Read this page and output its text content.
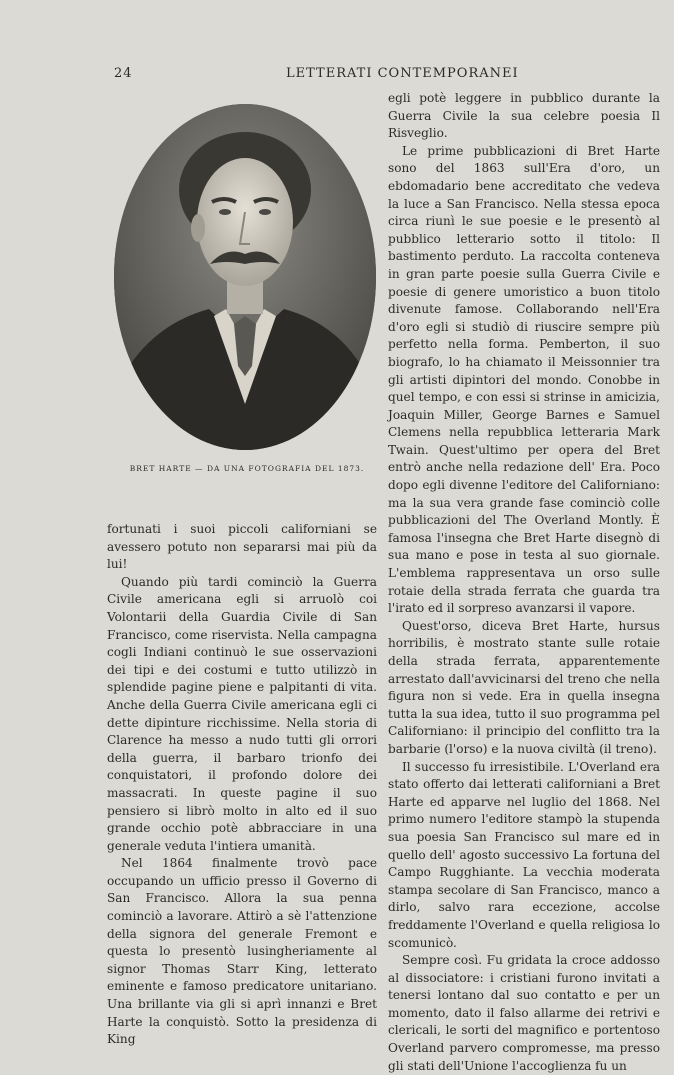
24	LETTERATI CONTEMPORANEI
BRET HARTE — DA UNA FOTOGRAFIA DEL 1873.

fortunati i suoi piccoli californiani se avessero potuto non separarsi mai più da lui!

Quando più tardi cominciò la Guerra Civile americana egli si arruolò coi Volontarii della Guardia Civile di San Francisco, come riservista. Nella campagna cogli Indiani continuò le sue osservazioni dei tipi e dei costumi e tutto utilizzò in splendide pagine piene e palpitanti di vita. Anche della Guerra Civile americana egli ci dette dipinture ricchissime. Nella storia di Clarence ha messo a nudo tutti gli orrori della guerra, il barbaro trionfo dei conquistatori, il profondo dolore dei massacrati. In queste pagine il suo pensiero si librò molto in alto ed il suo grande occhio potè abbracciare in una generale veduta l'intiera umanità.

Nel 1864 finalmente trovò pace occupando un ufficio presso il Governo di San Francisco. Allora la sua penna cominciò a lavorare. Attirò a sè l'attenzione della signora del generale Fremont e questa lo presentò lusingheriamente al signor Thomas Starr King, letterato eminente e famoso predicatore unitariano. Una brillante via gli si aprì innanzi e Bret Harte la conquistò. Sotto la presidenza di King

egli potè leggere in pubblico durante la Guerra Civile la sua celebre poesia Il Risveglio.

Le prime pubblicazioni di Bret Harte sono del 1863 sull'Era d'oro, un ebdomadario bene accreditato che vedeva la luce a San Francisco. Nella stessa epoca circa riunì le sue poesie e le presentò al pubblico letterario sotto il titolo: Il bastimento perduto. La raccolta conteneva in gran parte poesie sulla Guerra Civile e poesie di genere umoristico a buon titolo divenute famose. Collaborando nell'Era d'oro egli si studiò di riuscire sempre più perfetto nella forma. Pemberton, il suo biografo, lo ha chiamato il Meissonnier tra gli artisti dipintori del mondo. Conobbe in quel tempo, e con essi si strinse in amicizia, Joaquin Miller, George Barnes e Samuel Clemens nella repubblica letteraria Mark Twain. Quest'ultimo per opera del Bret entrò anche nella redazione dell' Era. Poco dopo egli divenne l'editore del Californiano: ma la sua vera grande fase cominciò colle pubblicazioni del The Overland Montly. È famosa l'insegna che Bret Harte disegnò di sua mano e pose in testa al suo giornale. L'emblema rappresentava un orso sulle rotaie della strada ferrata che guarda tra l'irato ed il sorpreso avanzarsi il vapore.

Quest'orso, diceva Bret Harte, hursus horribilis, è mostrato stante sulle rotaie della strada ferrata, apparentemente arrestato dall'avvicinarsi del treno che nella figura non si vede. Era in quella insegna tutta la sua idea, tutto il suo programma pel Californiano: il principio del conflitto tra la barbarie (l'orso) e la nuova civiltà (il treno).

Il successo fu irresistibile. L'Overland era stato offerto dai letterati californiani a Bret Harte ed apparve nel luglio del 1868. Nel primo numero l'editore stampò la stupenda sua poesia San Francisco sul mare ed in quello dell' agosto successivo La fortuna del Campo Rugghiante. La vecchia moderata stampa secolare di San Francisco, manco a dirlo, salvo rara eccezione, accolse freddamente l'Overland e quella religiosa lo scomunicò.

Sempre così. Fu gridata la croce addosso al dissociatore: i cristiani furono invitati a tenersi lontano dal suo contatto e per un momento, dato il falso allarme dei retrivi e clericali, le sorti del magnifico e portentoso Overland parvero compromesse, ma presso gli stati dell'Unione l'accoglienza fu un
